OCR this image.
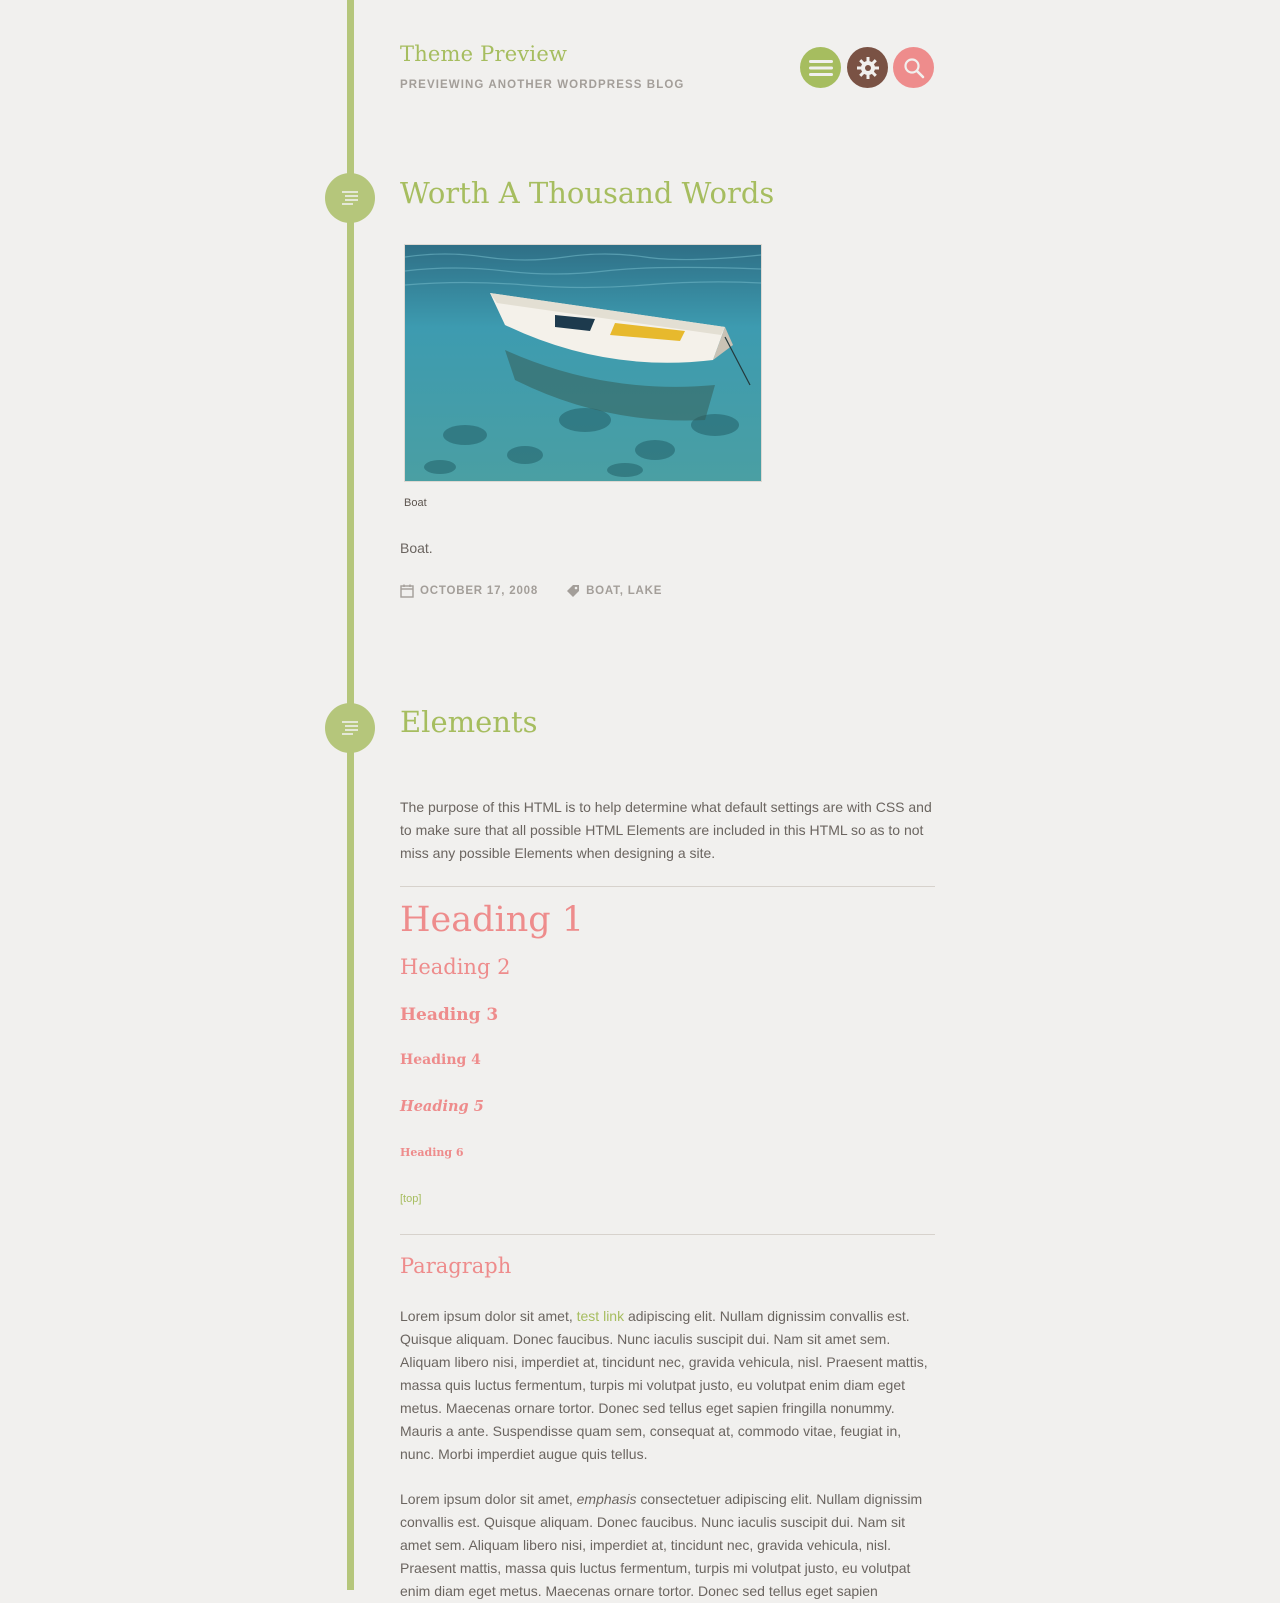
Theme Preview

PREVIEWING ANOTHER WORDPRESS BLOG

Worth A Thousand Words

Boat

Boat.

OCTOBER 17, 2008	BOAT, LAKE
Elements

The purpose of this HTML is to help determine what default settings are with CSS and to make sure that all possible HTML Elements are included in this HTML so as to not miss any possible Elements when designing a site.

Heading 1
Heading 2
Heading 3
Heading 4
Heading 5
Heading 6
[top]
Paragraph

Lorem ipsum dolor sit amet, test link adipiscing elit. Nullam dignissim convallis est. Quisque aliquam. Donec faucibus. Nunc iaculis suscipit dui. Nam sit amet sem. Aliquam libero nisi, imperdiet at, tincidunt nec, gravida vehicula, nisl. Praesent mattis, massa quis luctus fermentum, turpis mi volutpat justo, eu volutpat enim diam eget metus. Maecenas ornare tortor. Donec sed tellus eget sapien fringilla nonummy. Mauris a ante. Suspendisse quam sem, consequat at, commodo vitae, feugiat in, nunc. Morbi imperdiet augue quis tellus.

Lorem ipsum dolor sit amet, emphasis consectetuer adipiscing elit. Nullam dignissim convallis est. Quisque aliquam. Donec faucibus. Nunc iaculis suscipit dui. Nam sit amet sem. Aliquam libero nisi, imperdiet at, tincidunt nec, gravida vehicula, nisl. Praesent mattis, massa quis luctus fermentum, turpis mi volutpat justo, eu volutpat enim diam eget metus. Maecenas ornare tortor. Donec sed tellus eget sapien
